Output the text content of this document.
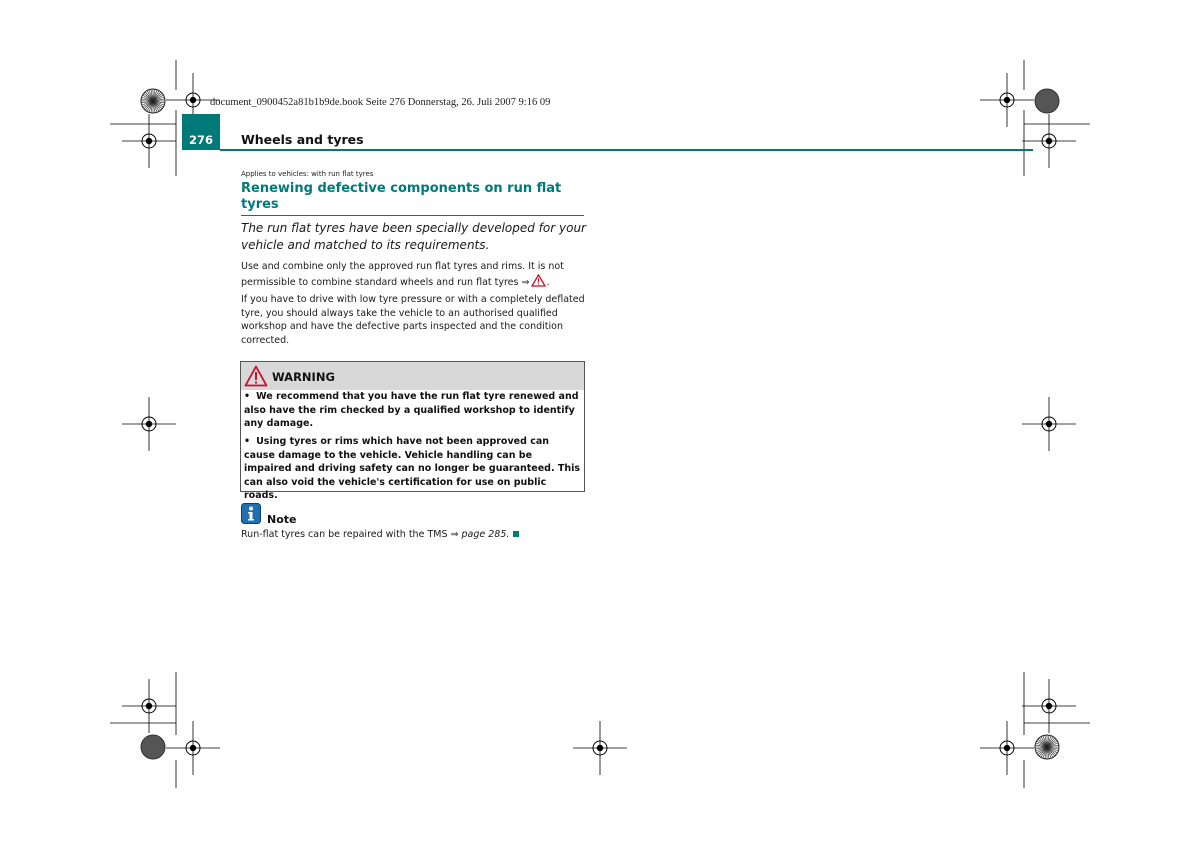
document_0900452a81b1b9de.book Seite 276 Donnerstag, 26. Juli 2007 9:16 09
276	Wheels and tyres
Applies to vehicles: with run flat tyres
Renewing defective components on run flat tyres
The run flat tyres have been specially developed for your vehicle and matched to its requirements.
Use and combine only the approved run flat tyres and rims. It is not permissible to combine standard wheels and run flat tyres ⇒ .
If you have to drive with low tyre pressure or with a completely deflated tyre, you should always take the vehicle to an authorised qualified workshop and have the defective parts inspected and the condition corrected.
WARNING
• We recommend that you have the run flat tyre renewed and also have the rim checked by a qualified workshop to identify any damage.
• Using tyres or rims which have not been approved can cause damage to the vehicle. Vehicle handling can be impaired and driving safety can no longer be guaranteed. This can also void the vehicle's certification for use on public roads.
Note
Run-flat tyres can be repaired with the TMS ⇒ page 285.
